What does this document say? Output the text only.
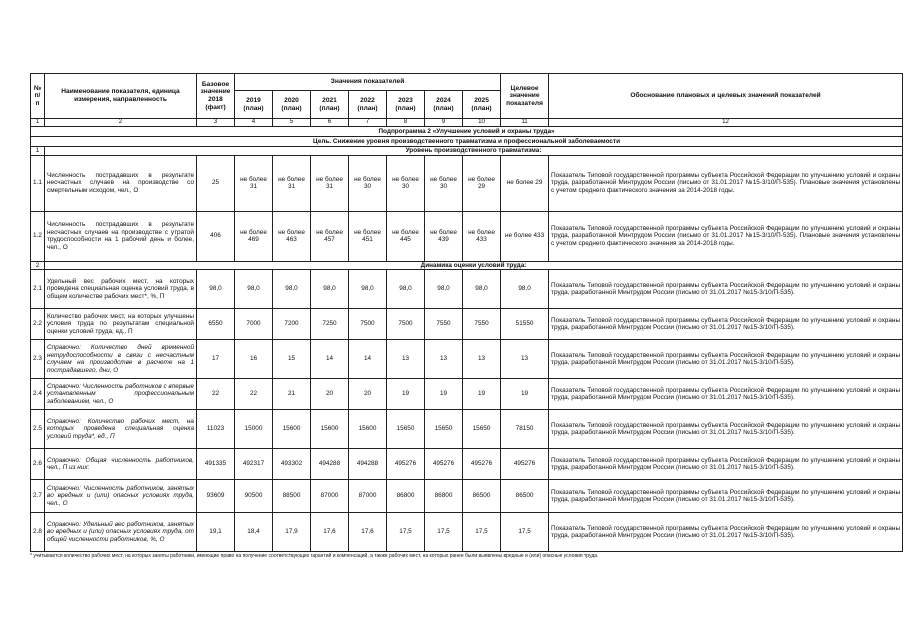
№ п/п	Наименование показателя, единица измерения, направленность	Базовое значение 2018 (факт)	Значения показателей							Целевое значение показателя	Обоснование плановых и целевых значений показателей
			2019 (план)	2020 (план)	2021 (план)	2022 (план)	2023 (план)	2024 (план)	2025 (план)		
1	2	3	4	5	6	7	8	9	10	11	12
Подпрограмма 2 «Улучшение условий и охраны труда»											
Цель. Снижение уровня производственного травматизма и профессиональной заболеваемости											
1	Уровень производственного травматизма:										
1.1	Численность пострадавших в результате несчастных случаев на производстве со смертельным исходом, чел., О	25	не более 31	не более 31	не более 31	не более 30	не более 30	не более 30	не более 29	не более 29	Показатель Типовой государственной программы субъекта Российской Федерации по улучшению условий и охраны труда, разработанной Минтрудом России (письмо от 31.01.2017 №15-3/10/П-535). Плановые значения установлены с учетом среднего фактического значения за 2014-2018 годы.
1.2	Численность пострадавших в результате несчастных случаев на производстве с утратой трудоспособности на 1 рабочий день и более, чел., О	406	не более 469	не более 463	не более 457	не более 451	не более 445	не более 439	не более 433	не более 433	Показатель Типовой государственной программы субъекта Российской Федерации по улучшению условий и охраны труда, разработанной Минтрудом России (письмо от 31.01.2017 №15-3/10/П-535). Плановые значения установлены с учетом среднего фактического значения за 2014-2018 годы.
2	Динамика оценки условий труда:										
2.1	Удельный вес рабочих мест, на которых проведена специальная оценка условий труда, в общем количестве рабочих мест*, %, П	98,0	98,0	98,0	98,0	98,0	98,0	98,0	98,0	98,0	Показатель Типовой государственной программы субъекта Российской Федерации по улучшению условий и охраны труда, разработанной Минтрудом России (письмо от 31.01.2017 №15-3/10/П-535).
2.2	Количество рабочих мест, на которых улучшены условия труда по результатам специальной оценки условий труда, ед., П	6550	7000	7200	7250	7500	7500	7550	7550	51550	Показатель Типовой государственной программы субъекта Российской Федерации по улучшению условий и охраны труда, разработанной Минтрудом России (письмо от 31.01.2017 №15-3/10/П-535).
2.3	Справочно: Количество дней временной нетрудоспособности в связи с несчастным случаем на производстве в расчете на 1 пострадавшего, дни, О	17	16	15	14	14	13	13	13	13	Показатель Типовой государственной программы субъекта Российской Федерации по улучшению условий и охраны труда, разработанной Минтрудом России (письмо от 31.01.2017 №15-3/10/П-535).
2.4	Справочно: Численность работников с впервые установленным профессиональным заболеванием, чел., О	22	22	21	20	20	19	19	19	19	Показатель Типовой государственной программы субъекта Российской Федерации по улучшению условий и охраны труда, разработанной Минтрудом России (письмо от 31.01.2017 №15-3/10/П-535).
2.5	Справочно: Количество рабочих мест, на которых проведена специальная оценка условий труда*, ед., П	11023	15000	15600	15600	15600	15650	15650	15650	78150	Показатель Типовой государственной программы субъекта Российской Федерации по улучшению условий и охраны труда, разработанной Минтрудом России (письмо от 31.01.2017 №15-3/10/П-535).
2.6	Справочно: Общая численность работников, чел., П из них:	491335	492317	493302	494288	494288	495276	495276	495276	495276	Показатель Типовой государственной программы субъекта Российской Федерации по улучшению условий и охраны труда, разработанной Минтрудом России (письмо от 31.01.2017 №15-3/10/П-535).
2.7	Справочно: Численность работников, занятых во вредных и (или) опасных условиях труда, чел., О	93609	90500	88500	87000	87000	86800	86800	86500	86500	Показатель Типовой государственной программы субъекта Российской Федерации по улучшению условий и охраны труда, разработанной Минтрудом России (письмо от 31.01.2017 №15-3/10/П-535).
2.8	Справочно: Удельный вес работников, занятых во вредных и (или) опасных условиях труда, от общей численности работников, %, О	19,1	18,4	17,9	17,6	17,6	17,5	17,5	17,5	17,5	Показатель Типовой государственной программы субъекта Российской Федерации по улучшению условий и охраны труда, разработанной Минтрудом России (письмо от 31.01.2017 №15-3/10/П-535).
* учитывается количество рабочих мест, на которых заняты работники, имеющие право на получение соответствующих гарантий и компенсаций, а также рабочих мест, на которых ранее были выявлены вредные и (или) опасные условия труда.
